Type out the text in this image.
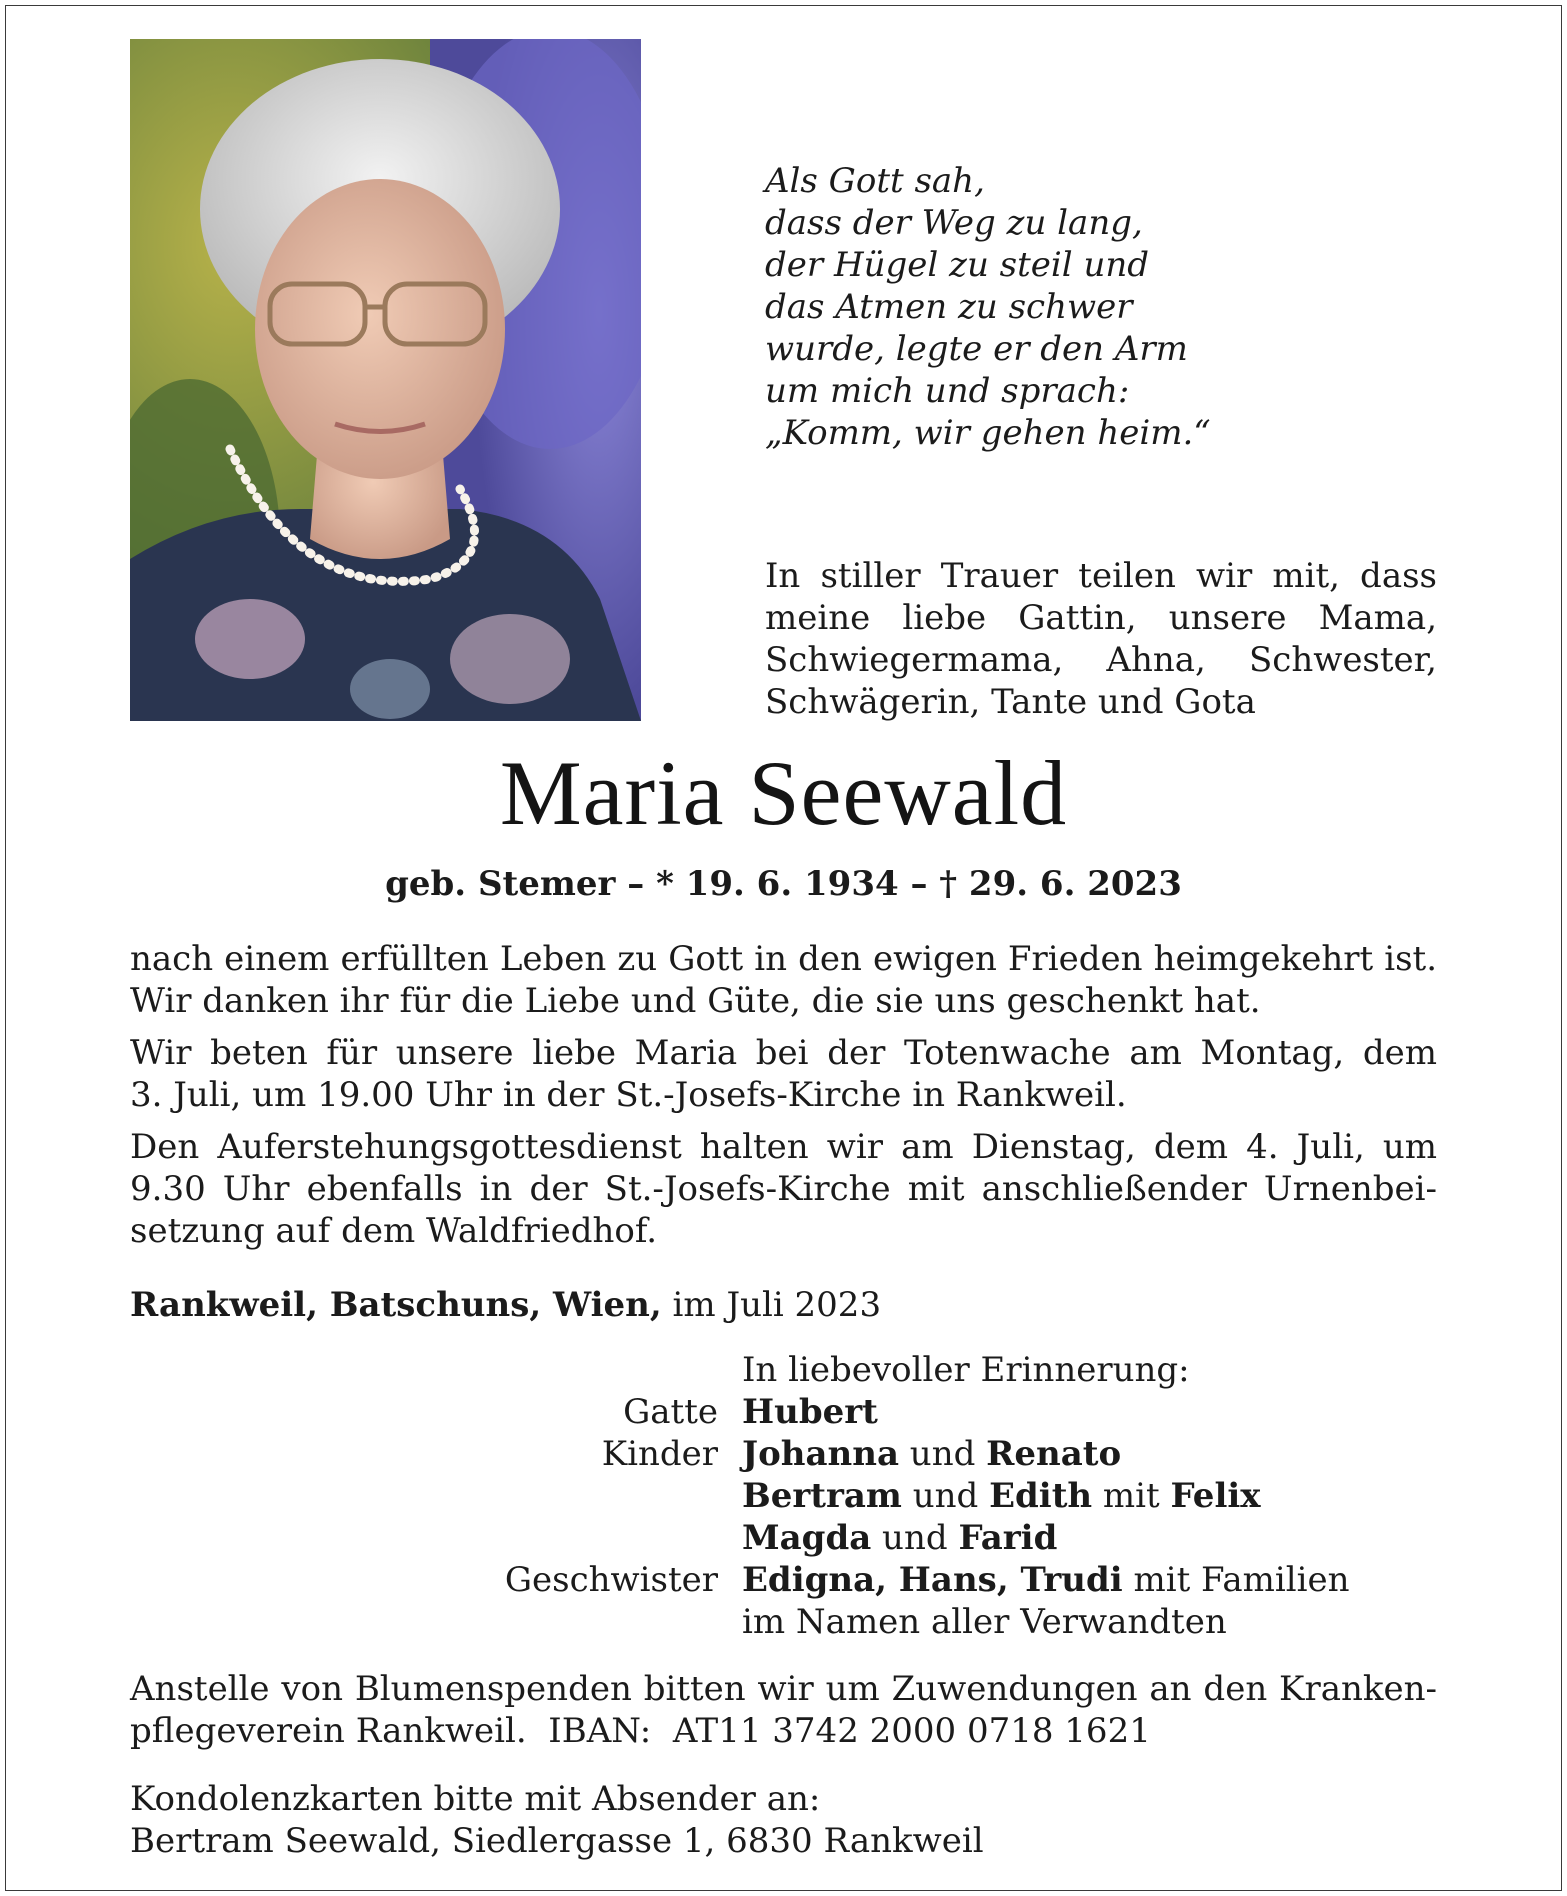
Als Gott sah,
dass der Weg zu lang,
der Hügel zu steil und
das Atmen zu schwer
wurde, legte er den Arm
um mich und sprach:
„Komm, wir gehen heim.“
In stiller Trauer teilen wir mit, dass
meine liebe Gattin, unsere Mama,
Schwiegermama, Ahna, Schwester,
Schwägerin, Tante und Gota
Maria Seewald
geb. Stemer – * 19. 6. 1934 – † 29. 6. 2023

nach einem erfüllten Leben zu Gott in den ewigen Frieden heimgekehrt ist.
Wir danken ihr für die Liebe und Güte, die sie uns geschenkt hat.

Wir beten für unsere liebe Maria bei der Totenwache am Montag, dem
3. Juli, um 19.00 Uhr in der St.-Josefs-Kirche in Rankweil.

Den Auferstehungsgottesdienst halten wir am Dienstag, dem 4. Juli, um
9.30 Uhr ebenfalls in der St.-Josefs-Kirche mit anschließender Urnenbei-
setzung auf dem Waldfriedhof.

Rankweil, Batschuns, Wien, im Juli 2023
In liebevoller Erinnerung:
Gatte Hubert
Kinder Johanna und Renato
Bertram und Edith mit Felix
Magda und Farid
Geschwister Edigna, Hans, Trudi mit Familien
im Namen aller Verwandten
Anstelle von Blumenspenden bitten wir um Zuwendungen an den Kranken-
pflegeverein Rankweil.  IBAN:  AT11 3742 2000 0718 1621
Kondolenzkarten bitte mit Absender an:
Bertram Seewald, Siedlergasse 1, 6830 Rankweil
